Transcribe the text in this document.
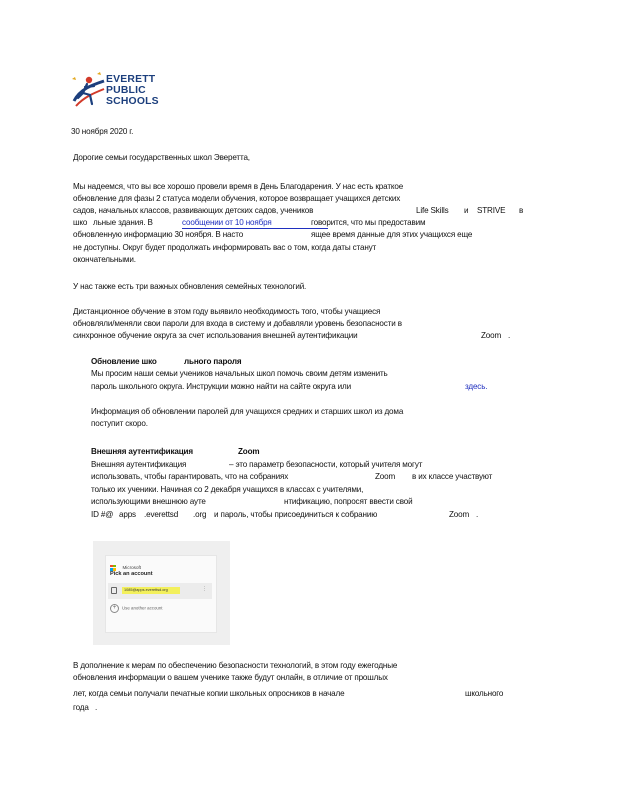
EVERETT
PUBLIC
SCHOOLS
30 ноября 2020 г.
Дорогие семьи государственных школ Эверетта,
Мы надеемся, что вы все хорошо провели время в День Благодарения. У нас есть краткое
обновление для фазы 2 статуса модели обучения, которое возвращает учащихся детских
садов, начальных классов, развивающих детских садов, учеников	Life Skills и STRIVE в
шко льные здания. В	сообщении от 10 ноября	говорится, что мы предоставим
обновленную информацию 30 ноября. В насто	ящее время данные для этих учащихся еще
не доступны. Округ будет продолжать информировать вас о том, когда даты станут
окончательными.
У нас также есть три важных обновления семейных технологий.
Дистанционное обучение в этом году выявило необходимость того, чтобы учащиеся
обновляли/меняли свои пароли для входа в систему и добавляли уровень безопасности в
синхронное обучение округа за счет использования внешней аутентификации	Zoom .
Обновление шко	льного пароля
Мы просим наши семьи учеников начальных школ помочь своим детям изменить
пароль школьного округа. Инструкции можно найти на сайте округа или	здесь.
Информация об обновлении паролей для учащихся средних и старших школ из дома
поступит скоро.
Внешняя аутентификация	Zoom
Внешняя аутентификация	– это параметр безопасности, который учителя могут
использовать, чтобы гарантировать, что на собраниях	Zoom в их классе участвуют
только их ученики. Начиная со 2 декабря учащихся в классах с учителями,
использующими внешнюю ауте	нтификацию, попросят ввести свой
ID #@ apps .everettsd .org и пароль, чтобы присоединиться к собранию	Zoom .
Microsoft
Pick an account
1085@apps.everettsd.org	⋮
+ Use another account
В дополнение к мерам по обеспечению безопасности технологий, в этом году ежегодные
обновления информации о вашем ученике также будут онлайн, в отличие от прошлых
лет, когда семьи получали печатные копии школьных опросников в начале	школьного
года .
